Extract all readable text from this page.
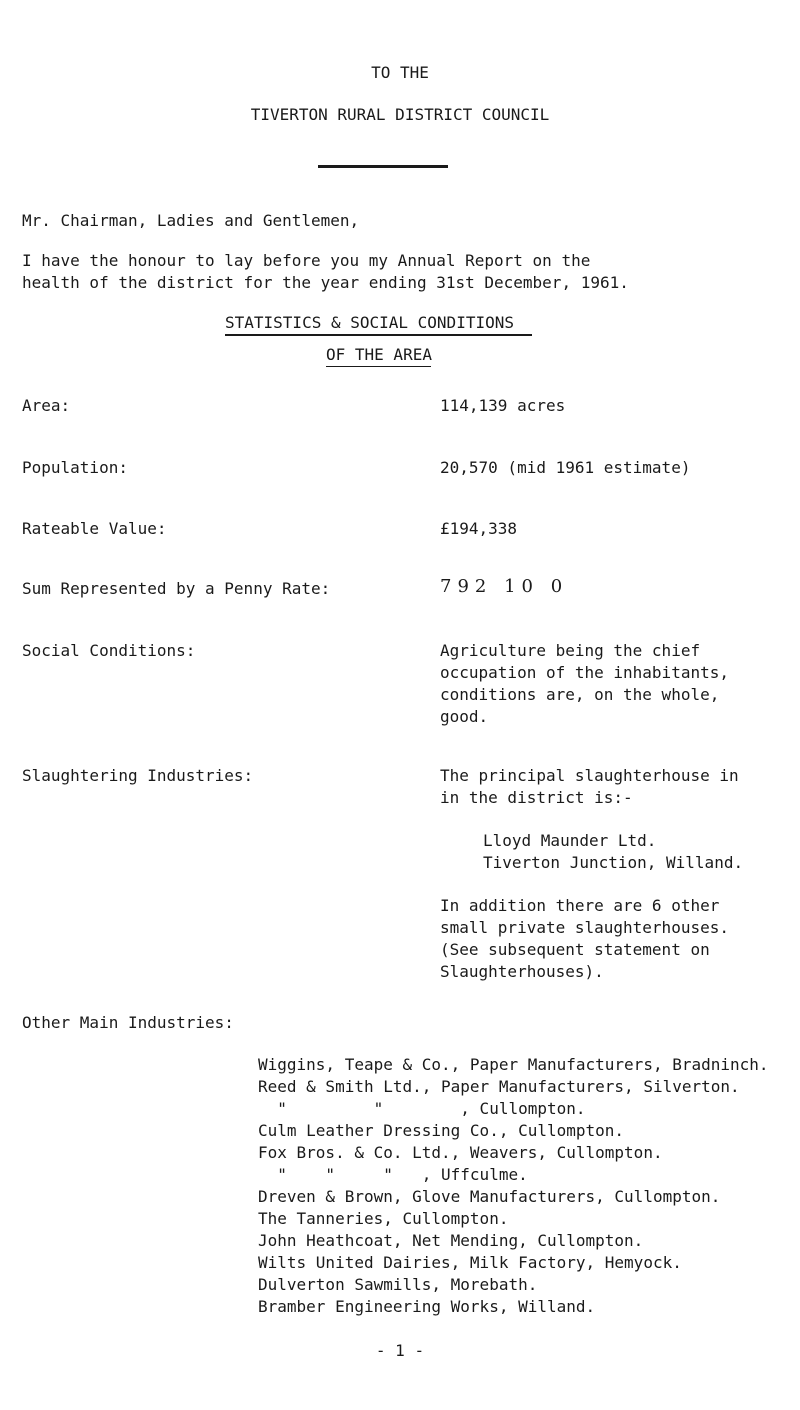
TO THE
TIVERTON RURAL DISTRICT COUNCIL
Mr. Chairman, Ladies and Gentlemen,
I have the honour to lay before you my Annual Report on the
health of the district for the year ending 31st December, 1961.
STATISTICS & SOCIAL CONDITIONS
OF THE AREA
Area:	114,139 acres
Population:	20,570 (mid 1961 estimate)
Rateable Value:	£194,338
Sum Represented by a Penny Rate:	792 10 0
Social Conditions:	Agriculture being the chief
occupation of the inhabitants,
conditions are, on the whole,
good.
Slaughtering Industries:	The principal slaughterhouse in
in the district is:-
Lloyd Maunder Ltd.
Tiverton Junction, Willand.
In addition there are 6 other
small private slaughterhouses.
(See subsequent statement on
Slaughterhouses).
Other Main Industries:
Wiggins, Teape & Co., Paper Manufacturers, Bradninch.
Reed & Smith Ltd., Paper Manufacturers, Silverton.
"         "        , Cullompton.
Culm Leather Dressing Co., Cullompton.
Fox Bros. & Co. Ltd., Weavers, Cullompton.
"    "     "   , Uffculme.
Dreven & Brown, Glove Manufacturers, Cullompton.
The Tanneries, Cullompton.
John Heathcoat, Net Mending, Cullompton.
Wilts United Dairies, Milk Factory, Hemyock.
Dulverton Sawmills, Morebath.
Bramber Engineering Works, Willand.
- 1 -
